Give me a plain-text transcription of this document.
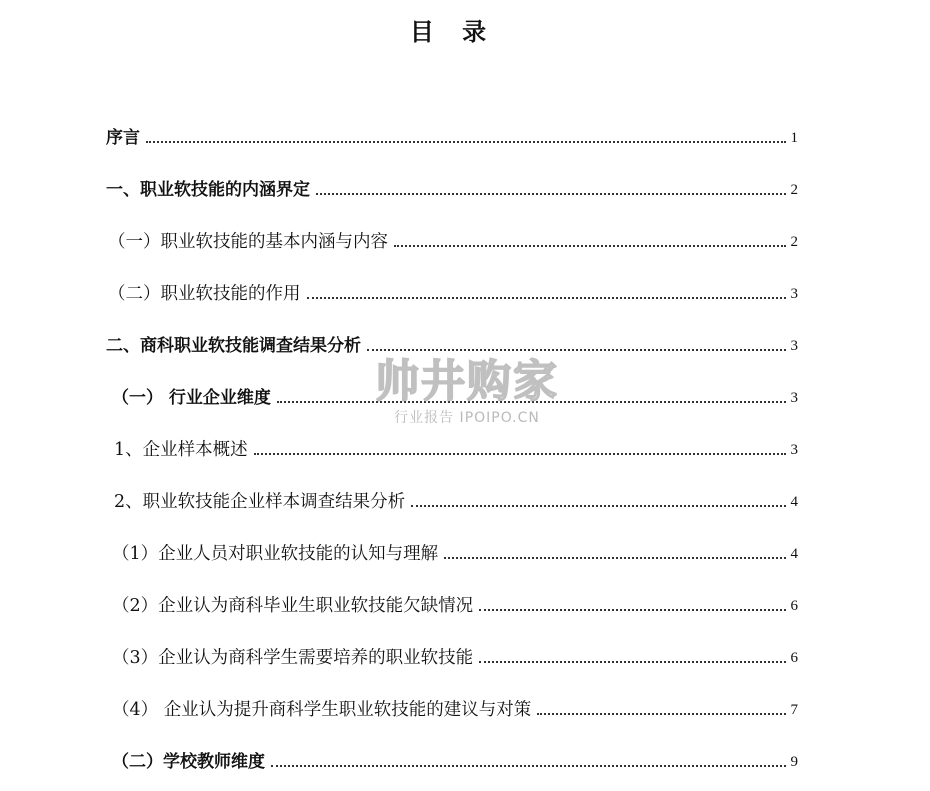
目 录
序言	1
一、职业软技能的内涵界定	2
（一）职业软技能的基本内涵与内容	2
（二）职业软技能的作用	3
二、商科职业软技能调查结果分析	3
（一） 行业企业维度	3
1、企业样本概述	3
2、职业软技能企业样本调查结果分析	4
（1）企业人员对职业软技能的认知与理解	4
（2）企业认为商科毕业生职业软技能欠缺情况	6
（3）企业认为商科学生需要培养的职业软技能	6
（4） 企业认为提升商科学生职业软技能的建议与对策	7
（二）学校教师维度	9
帅井购家
行业报告 IPOIPO.CN
